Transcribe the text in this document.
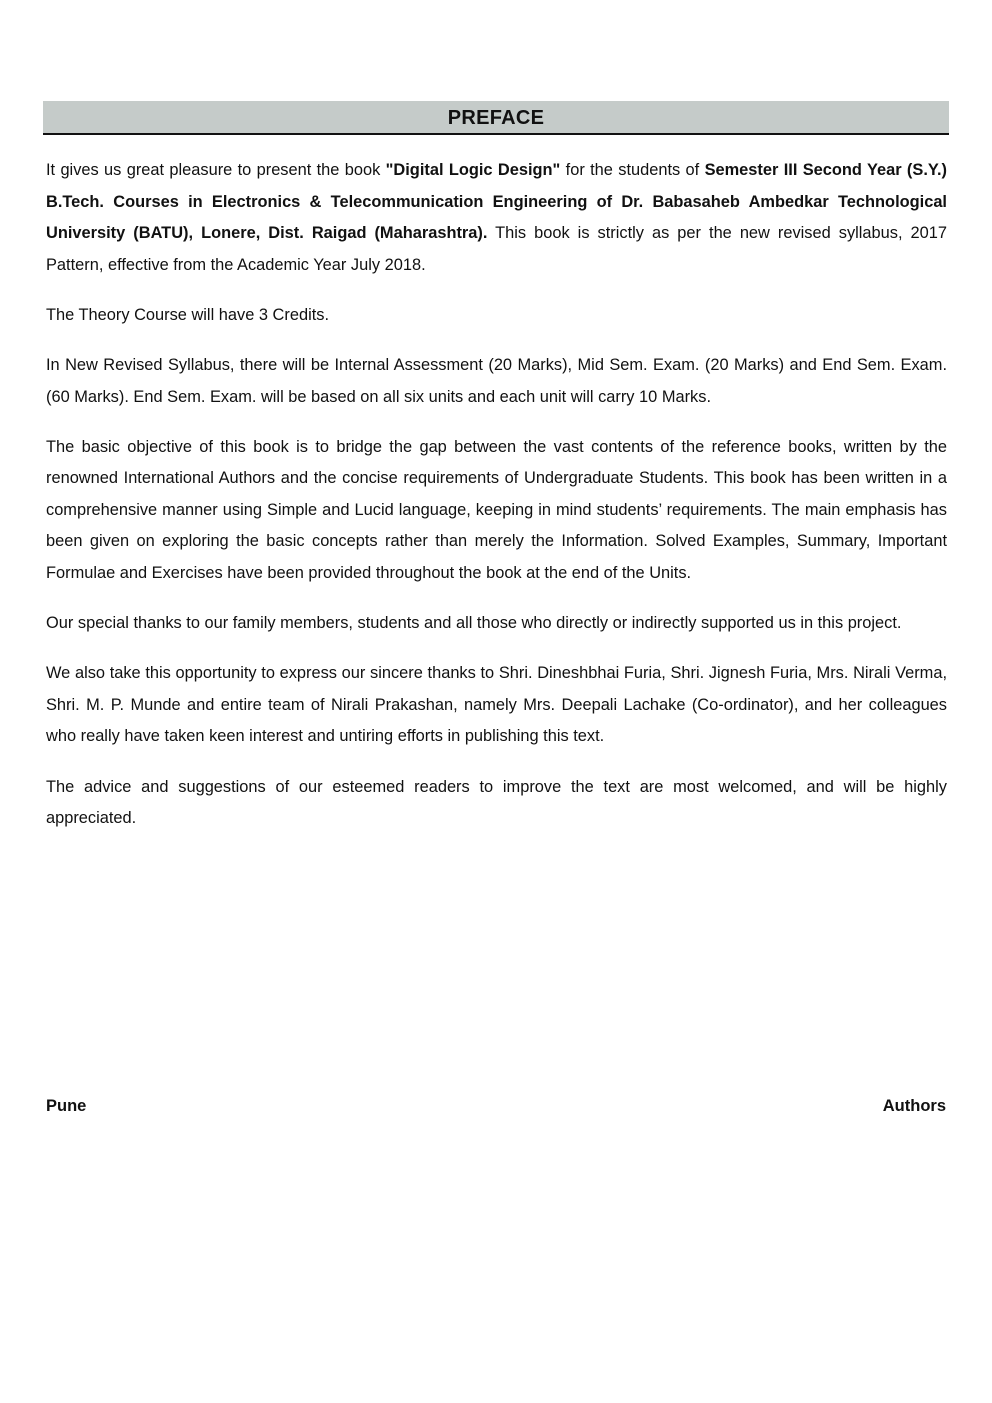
PREFACE

It gives us great pleasure to present the book "Digital Logic Design" for the students of Semester III Second Year (S.Y.) B.Tech. Courses in Electronics & Telecommunication Engineering of Dr. Babasaheb Ambedkar Technological University (BATU), Lonere, Dist. Raigad (Maharashtra). This book is strictly as per the new revised syllabus, 2017 Pattern, effective from the Academic Year July 2018.

The Theory Course will have 3 Credits.

In New Revised Syllabus, there will be Internal Assessment (20 Marks), Mid Sem. Exam. (20 Marks) and End Sem. Exam. (60 Marks). End Sem. Exam. will be based on all six units and each unit will carry 10 Marks.

The basic objective of this book is to bridge the gap between the vast contents of the reference books, written by the renowned International Authors and the concise requirements of Undergraduate Students. This book has been written in a comprehensive manner using Simple and Lucid language, keeping in mind students’ requirements. The main emphasis has been given on exploring the basic concepts rather than merely the Information. Solved Examples, Summary, Important Formulae and Exercises have been provided throughout the book at the end of the Units.

Our special thanks to our family members, students and all those who directly or indirectly supported us in this project.

We also take this opportunity to express our sincere thanks to Shri. Dineshbhai Furia, Shri. Jignesh Furia, Mrs. Nirali Verma, Shri. M. P. Munde and entire team of Nirali Prakashan, namely Mrs. Deepali Lachake (Co-ordinator), and her colleagues who really have taken keen interest and untiring efforts in publishing this text.

The advice and suggestions of our esteemed readers to improve the text are most welcomed, and will be highly appreciated.

Pune	Authors
